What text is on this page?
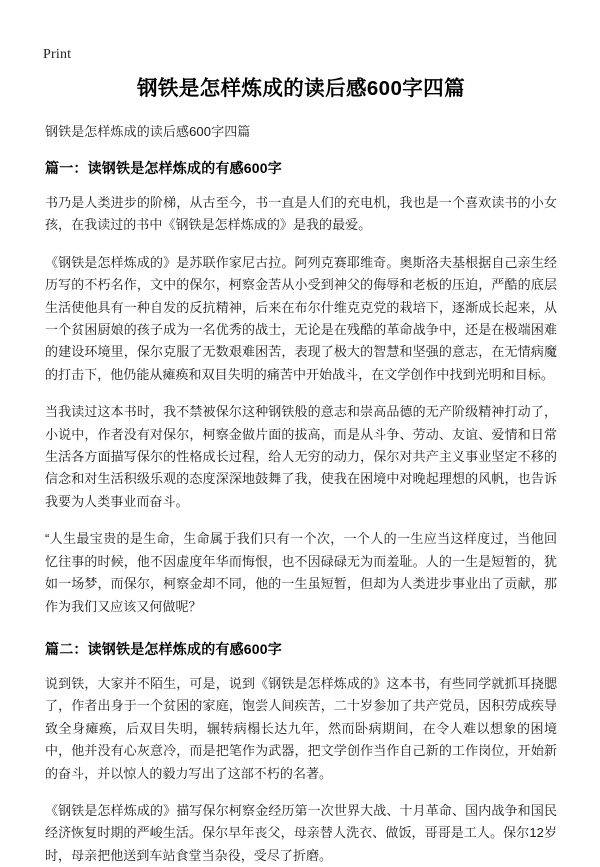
Print
钢铁是怎样炼成的读后感600字四篇

钢铁是怎样炼成的读后感600字四篇

篇一：读钢铁是怎样炼成的有感600字

书乃是人类进步的阶梯，从古至今，书一直是人们的充电机，我也是一个喜欢读书的小女孩，在我读过的书中《钢铁是怎样炼成的》是我的最爱。

《钢铁是怎样炼成的》是苏联作家尼古拉。阿列克赛耶维奇。奥斯洛夫基根据自己亲生经历写的不朽名作，文中的保尔，柯察金苦从小受到神父的侮辱和老板的压迫，严酷的底层生活使他具有一种自发的反抗精神，后来在布尔什维克克党的栽培下，逐渐成长起来，从一个贫困厨娘的孩子成为一名优秀的战士，无论是在残酷的革命战争中，还是在极端困难的建设环境里，保尔克服了无数艰难困苦，表现了极大的智慧和坚强的意志，在无情病魔的打击下，他仍能从瘫痪和双目失明的痛苦中开始战斗，在文学创作中找到光明和目标。

当我读过这本书时，我不禁被保尔这种钢铁般的意志和崇高品德的无产阶级精神打动了，小说中，作者没有对保尔，柯察金做片面的拔高，而是从斗争、劳动、友谊、爱情和日常生活各方面描写保尔的性格成长过程，给人无穷的动力，保尔对共产主义事业坚定不移的信念和对生活积级乐观的态度深深地鼓舞了我，使我在困境中对晚起理想的风帆，也告诉我要为人类事业而奋斗。

“人生最宝贵的是生命，生命属于我们只有一个次，一个人的一生应当这样度过，当他回忆往事的时候，他不因虚度年华而悔恨，也不因碌碌无为而羞耻。人的一生是短暂的，犹如一场梦，而保尔，柯察金却不同，他的一生虽短暂，但却为人类进步事业出了贡献，那作为我们又应该又何做呢？

篇二：读钢铁是怎样炼成的有感600字

说到铁，大家并不陌生，可是，说到《钢铁是怎样炼成的》这本书，有些同学就抓耳挠腮了，作者出身于一个贫困的家庭，饱尝人间疾苦，二十岁参加了共产党员，因积劳成疾导致全身瘫痪，后双目失明，辗转病榻长达九年，然而卧病期间，在令人难以想象的困境中，他并没有心灰意冷，而是把笔作为武器，把文学创作当作自己新的工作岗位，开始新的奋斗，并以惊人的毅力写出了这部不朽的名著。

《钢铁是怎样炼成的》描写保尔柯察金经历第一次世界大战、十月革命、国内战争和国民经济恢复时期的严峻生活。保尔早年丧父，母亲替人洗衣、做饭，哥哥是工人。保尔12岁时，母亲把他送到车站食堂当杂役，受尽了折磨。
